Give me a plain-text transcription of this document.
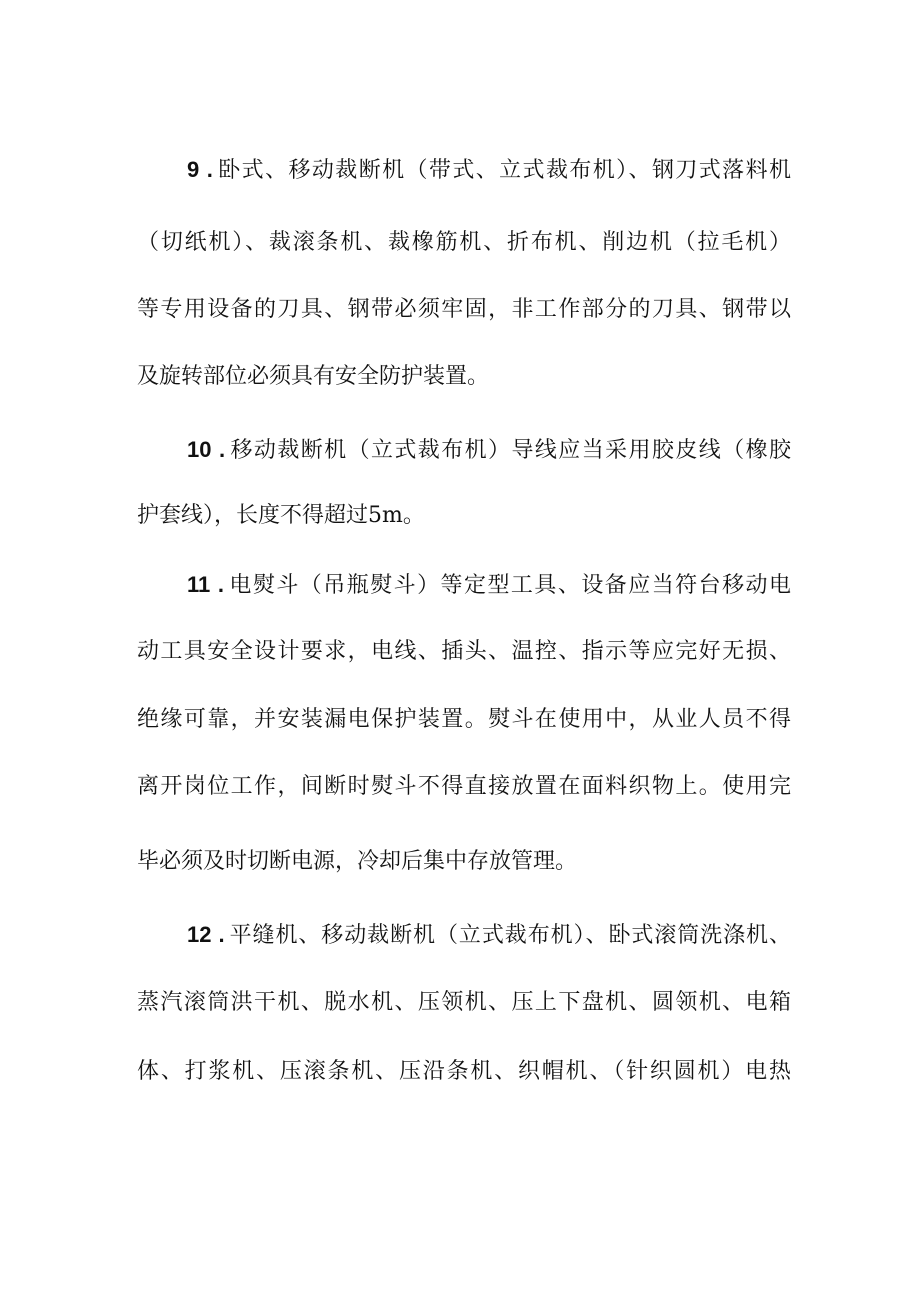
9 . 卧式、移动裁断机（带式、立式裁布机）、钢刀式落料机
（切纸机）、裁滚条机、裁橡筋机、折布机、削边机（拉毛机）
等专用设备的刀具、钢带必须牢固，非工作部分的刀具、钢带以
及旋转部位必须具有安全防护装置。
10 . 移动裁断机（立式裁布机）导线应当采用胶皮线（橡胶
护套线），长度不得超过5m。
11 . 电熨斗（吊瓶熨斗）等定型工具、设备应当符台移动电
动工具安全设计要求，电线、插头、温控、指示等应完好无损、
绝缘可靠，并安装漏电保护装置。熨斗在使用中，从业人员不得
离开岗位工作，间断时熨斗不得直接放置在面料织物上。使用完
毕必须及时切断电源，冷却后集中存放管理。
12 . 平缝机、移动裁断机（立式裁布机）、卧式滚筒洗涤机、
蒸汽滚筒洪干机、脱水机、压领机、压上下盘机、圆领机、电箱
体、打浆机、压滚条机、压沿条机、织帽机、（针织圆机）电热
